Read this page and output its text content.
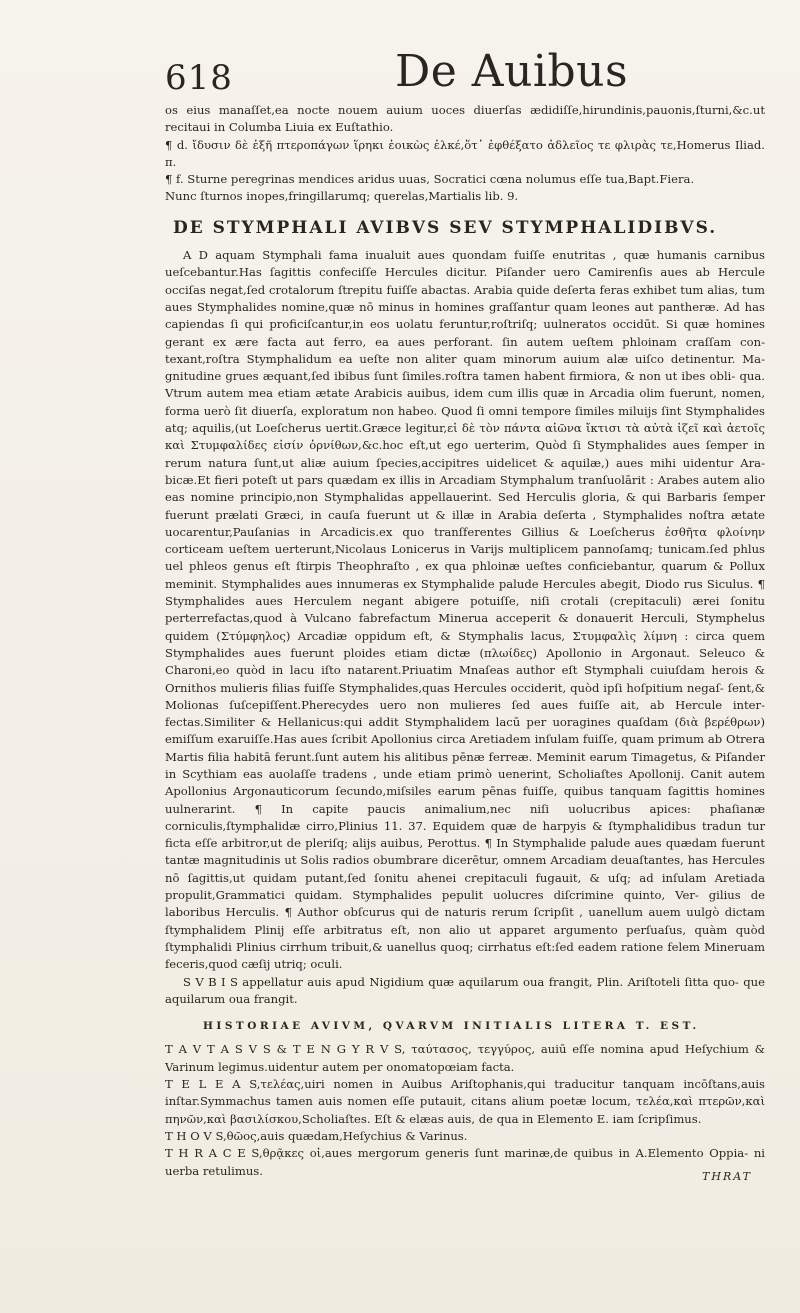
618	De Auibus

os eius manaſſet,ea nocte nouem auium uoces diuerſas ædidiſſe,hirundinis,pauonis,ſturni,&c.ut recitaui in Columba Liuia ex Euſtathio.

¶ d. ἴδυσιν δὲ ἐξῆ πτεροπάγων ἵρηκι ἐοικὼς ἐλκέ,ὅτ᾽ ἐφθέξατο ἀδλεῖος τε φλιρὰς τε,Homerus Iliad. π.

¶ f. Sturne peregrinas mendices aridus uuas, Socratici cœna nolumus eſſe tua,Bapt.Fiera.

Nunc ſturnos inopes,fringillarumq; querelas,Martialis lib. 9.

DE STYMPHALI AVIBVS SEV STYMPHALIDIBVS.

A D aquam Stymphali fama inualuit aues quondam fuiſſe enutritas , quæ humanis carnibus ueſcebantur.Has ſagittis confeciſſe Hercules dicitur. Piſander uero Camirenſis aues ab Hercule occiſas negat,ſed crotalorum ſtrepitu fuiſſe abactas. Arabia quide deſerta feras exhibet tum alias, tum aues Stymphalides nomine,quæ nō minus in homines graſſantur quam leones aut pantheræ. Ad has capiendas ſi qui proficiſcantur,in eos uolatu feruntur,roſtriſq; uulneratos occidūt. Si quæ homines gerant ex ære facta aut ferro, ea aues perforant. ſin autem ueſtem phloinam craſſam con- texant,roſtra Stymphalidum ea ueſte non aliter quam minorum auium alæ uiſco detinentur. Ma- gnitudine grues æquant,ſed ibibus ſunt ſimiles.roſtra tamen habent firmiora, & non ut ibes obli- qua. Vtrum autem mea etiam ætate Arabicis auibus, idem cum illis quæ in Arcadia olim fuerunt, nomen, forma uerò ſit diuerſa, exploratum non habeo. Quod ſi omni tempore ſimiles miluijs ſint Stymphalides atq; aquilis,(ut Loeſcherus uertit.Græce legitur,εἰ δὲ τὸν πάντα αἰῶνα ἴκτισι τὰ αὐτὰ ἰζεῖ καὶ ἀετοῖς καὶ Στυμφαλίδες εἰσίν ὁρνίθων,&c.hoc eſt,ut ego uerterim, Quòd ſi Stymphalides aues ſemper in rerum natura ſunt,ut aliæ auium ſpecies,accipitres uidelicet & aquilæ,) aues mihi uidentur Ara- bicæ.Et fieri poteſt ut pars quædam ex illis in Arcadiam Stymphalum tranſuolārit : Arabes autem alio eas nomine principio,non Stymphalidas appellauerint. Sed Herculis gloria, & qui Barbaris ſemper fuerunt prælati Græci, in cauſa fuerunt ut & illæ in Arabia deſerta , Stymphalides noſtra ætate uocarentur,Pauſanias in Arcadicis.ex quo tranſferentes Gillius & Loeſcherus ἐσθῆτα φλοίνην corticeam ueſtem uerterunt,Nicolaus Lonicerus in Varijs multiplicem pannoſamq; tunicam.ſed phlus uel phleos genus eſt ſtirpis Theophraſto , ex qua phloinæ ueſtes conficiebantur, quarum & Pollux meminit. Stymphalides aues innumeras ex Stymphalide palude Hercules abegit, Diodo rus Siculus. ¶ Stymphalides aues Herculem negant abigere potuiſſe, niſi crotali (crepitaculi) ærei ſonitu perterrefactas,quod à Vulcano fabrefactum Minerua acceperit & donauerit Herculi, Stymphelus quidem (Στύμφηλος) Arcadiæ oppidum eſt, & Stymphalis lacus, Στυμφαλὶς λίμνη : circa quem Stymphalides aues fuerunt ploides etiam dictæ (πλωίδες) Apollonio in Argonaut. Seleuco & Charoni,eo quòd in lacu iſto natarent.Priuatim Mnaſeas author eſt Stymphali cuiuſdam herois & Ornithos mulieris filias fuiſſe Stymphalides,quas Hercules occiderit, quòd ipſi hoſpitium negaſ- ſent,& Molionas ſuſcepiſſent.Pherecydes uero non mulieres ſed aues fuiſſe ait, ab Hercule inter- fectas.Similiter & Hellanicus:qui addit Stymphalidem lacū per uoragines quaſdam (διὰ βερέθρων) emiſſum exaruiſſe.Has aues ſcribit Apollonius circa Aretiadem inſulam fuiſſe, quam primum ab Otrera Martis filia habitā ferunt.ſunt autem his alitibus pēnæ ferreæ. Meminit earum Timagetus, & Piſander in Scythiam eas auolaſſe tradens , unde etiam primò uenerint, Scholiaſtes Apollonij. Canit autem Apollonius Argonauticorum ſecundo,miſsiles earum pēnas fuiſſe, quibus tanquam ſagittis homines uulnerarint. ¶ In capite paucis animalium,nec niſi uolucribus apices: phaſianæ corniculis,ſtymphalidæ cirro,Plinius 11. 37. Equidem quæ de harpyis & ſtymphalidibus tradun tur ficta eſſe arbitror,ut de pleriſq; alijs auibus, Perottus. ¶ In Stymphalide palude aues quædam fuerunt tantæ magnitudinis ut Solis radios obumbrare dicerētur, omnem Arcadiam deuaſtantes, has Hercules nō ſagittis,ut quidam putant,ſed ſonitu ahenei crepitaculi fugauit, & uſq; ad inſulam Aretiada propulit,Grammatici quidam. Stymphalides pepulit uolucres diſcrimine quinto, Ver- gilius de laboribus Herculis. ¶ Author obſcurus qui de naturis rerum ſcripſit , uanellum auem uulgò dictam ſtymphalidem Plinij eſſe arbitratus eſt, non alio ut apparet argumento perſuaſus, quàm quòd ſtymphalidi Plinius cirrhum tribuit,& uanellus quoq; cirrhatus eſt:ſed eadem ratione felem Mineruam feceris,quod cæſij utriq; oculi.

S V B I S appellatur auis apud Nigidium quæ aquilarum oua frangit, Plin. Ariſtoteli ſitta quo- que aquilarum oua frangit.

HISTORIAE AVIVM, QVARVM INITIALIS LITERA T. EST.

T A V T A S V S & T E N G Y R V S, ταύτασος, τεγγύρος, auiū eſſe nomina apud Heſychium & Varinum legimus.uidentur autem per onomatopœiam facta.

T E L E A S,τελέας,uiri nomen in Auibus Ariſtophanis,qui traducitur tanquam incōſtans,auis inſtar.Symmachus tamen auis nomen eſſe putauit, citans alium poetæ locum, τελέα,καὶ πτερῶν,καὶ πηνῶν,καὶ βασιλίσκου,Scholiaſtes. Eſt & elæas auis, de qua in Elemento E. iam ſcripſimus.

T H O V S,θῶος,auis quædam,Heſychius & Varinus.

T H R A C E S,θρᾷκες οἱ,aues mergorum generis ſunt marinæ,de quibus in A.Elemento Oppia- ni uerba retulimus.	THRAT
